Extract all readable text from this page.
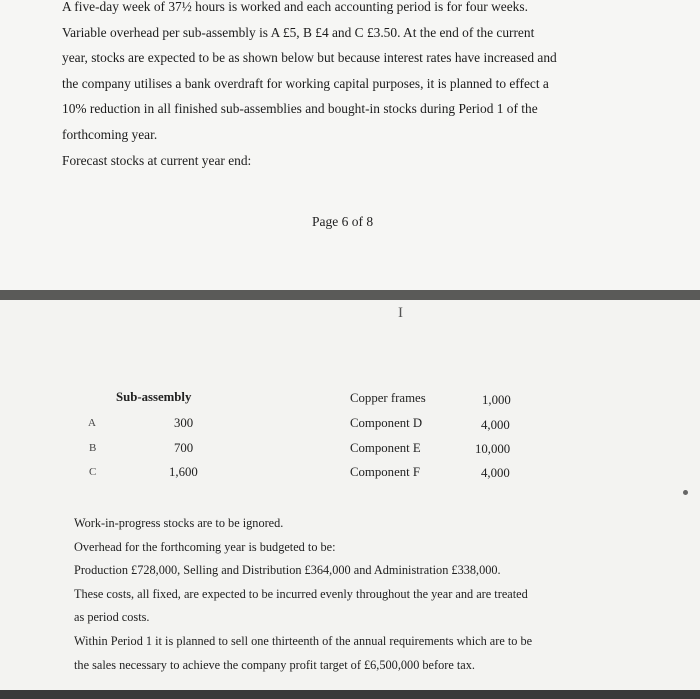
A five-day week of 37½ hours is worked and each accounting period is for four weeks.
Variable overhead per sub-assembly is A £5, B £4 and C £3.50. At the end of the current
year, stocks are expected to be as shown below but because interest rates have increased and
the company utilises a bank overdraft for working capital purposes, it is planned to effect a
10% reduction in all finished sub-assemblies and bought-in stocks during Period 1 of the
forthcoming year.
Forecast stocks at current year end:
Page 6 of 8
I
Sub-assembly
A	300
B	700
C	1,600
Copper frames	1,000
Component D	4,000
Component E	10,000
Component F	4,000
Work-in-progress stocks are to be ignored.
Overhead for the forthcoming year is budgeted to be:
Production £728,000, Selling and Distribution £364,000 and Administration £338,000.
These costs, all fixed, are expected to be incurred evenly throughout the year and are treated
as period costs.
Within Period 1 it is planned to sell one thirteenth of the annual requirements which are to be
the sales necessary to achieve the company profit target of £6,500,000 before tax.
